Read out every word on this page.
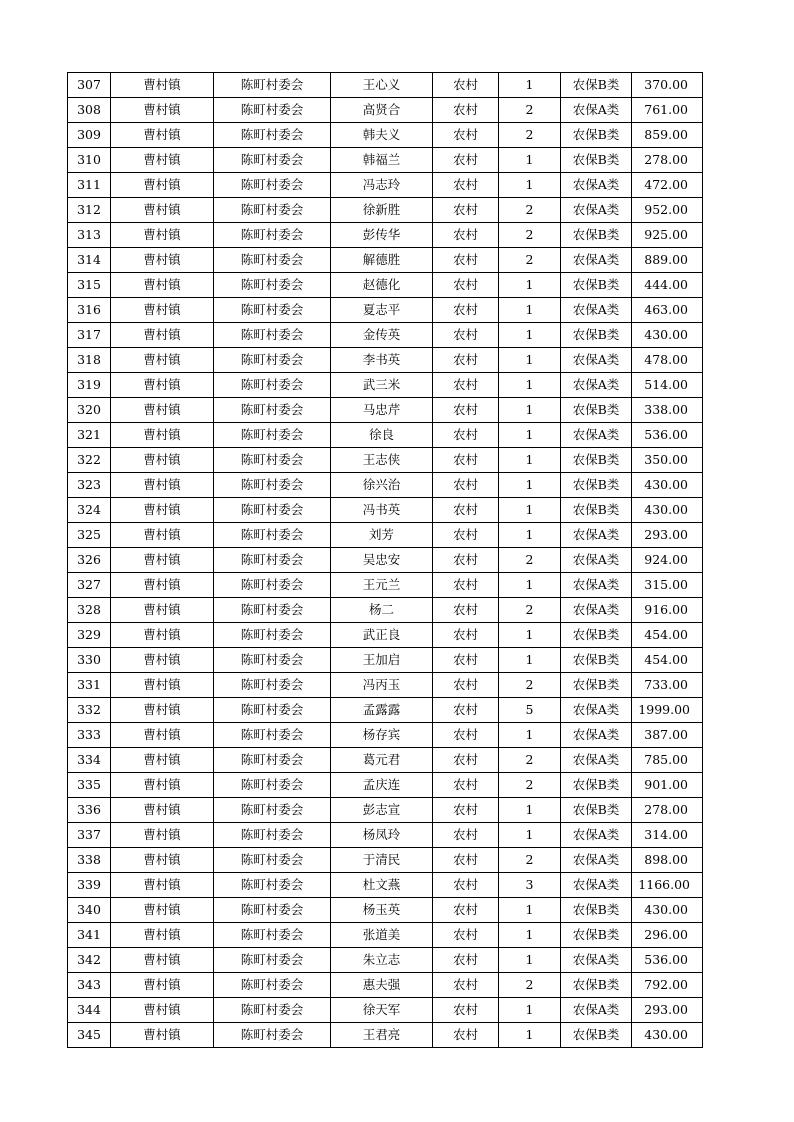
307	曹村镇	陈町村委会	王心义	农村	1	农保B类	370.00
308	曹村镇	陈町村委会	高贤合	农村	2	农保A类	761.00
309	曹村镇	陈町村委会	韩夫义	农村	2	农保B类	859.00
310	曹村镇	陈町村委会	韩福兰	农村	1	农保B类	278.00
311	曹村镇	陈町村委会	冯志玲	农村	1	农保A类	472.00
312	曹村镇	陈町村委会	徐新胜	农村	2	农保A类	952.00
313	曹村镇	陈町村委会	彭传华	农村	2	农保B类	925.00
314	曹村镇	陈町村委会	解德胜	农村	2	农保A类	889.00
315	曹村镇	陈町村委会	赵德化	农村	1	农保B类	444.00
316	曹村镇	陈町村委会	夏志平	农村	1	农保A类	463.00
317	曹村镇	陈町村委会	金传英	农村	1	农保B类	430.00
318	曹村镇	陈町村委会	李书英	农村	1	农保A类	478.00
319	曹村镇	陈町村委会	武三米	农村	1	农保A类	514.00
320	曹村镇	陈町村委会	马忠芹	农村	1	农保B类	338.00
321	曹村镇	陈町村委会	徐良	农村	1	农保A类	536.00
322	曹村镇	陈町村委会	王志侠	农村	1	农保B类	350.00
323	曹村镇	陈町村委会	徐兴治	农村	1	农保B类	430.00
324	曹村镇	陈町村委会	冯书英	农村	1	农保B类	430.00
325	曹村镇	陈町村委会	刘芳	农村	1	农保A类	293.00
326	曹村镇	陈町村委会	吴忠安	农村	2	农保A类	924.00
327	曹村镇	陈町村委会	王元兰	农村	1	农保A类	315.00
328	曹村镇	陈町村委会	杨二	农村	2	农保A类	916.00
329	曹村镇	陈町村委会	武正良	农村	1	农保B类	454.00
330	曹村镇	陈町村委会	王加启	农村	1	农保B类	454.00
331	曹村镇	陈町村委会	冯丙玉	农村	2	农保B类	733.00
332	曹村镇	陈町村委会	孟露露	农村	5	农保A类	1999.00
333	曹村镇	陈町村委会	杨存宾	农村	1	农保A类	387.00
334	曹村镇	陈町村委会	葛元君	农村	2	农保A类	785.00
335	曹村镇	陈町村委会	孟庆连	农村	2	农保B类	901.00
336	曹村镇	陈町村委会	彭志宣	农村	1	农保B类	278.00
337	曹村镇	陈町村委会	杨凤玲	农村	1	农保A类	314.00
338	曹村镇	陈町村委会	于清民	农村	2	农保A类	898.00
339	曹村镇	陈町村委会	杜文燕	农村	3	农保A类	1166.00
340	曹村镇	陈町村委会	杨玉英	农村	1	农保B类	430.00
341	曹村镇	陈町村委会	张道美	农村	1	农保B类	296.00
342	曹村镇	陈町村委会	朱立志	农村	1	农保A类	536.00
343	曹村镇	陈町村委会	惠夫强	农村	2	农保B类	792.00
344	曹村镇	陈町村委会	徐天军	农村	1	农保A类	293.00
345	曹村镇	陈町村委会	王君亮	农村	1	农保B类	430.00
